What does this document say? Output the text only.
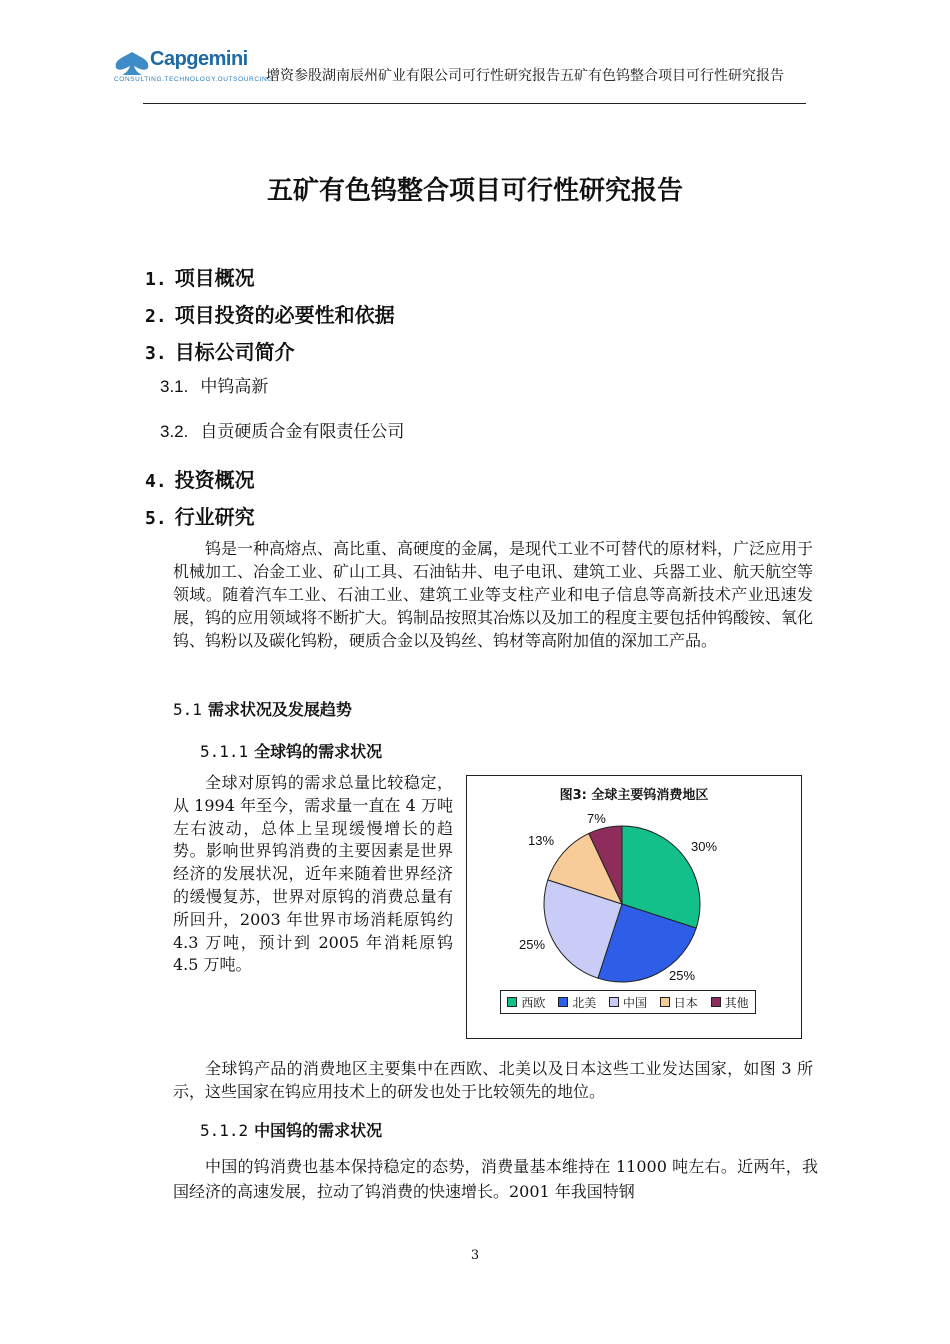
Capgemini
CONSULTING.TECHNOLOGY.OUTSOURCING
增资参股湖南辰州矿业有限公司可行性研究报告五矿有色钨整合项目可行性研究报告
五矿有色钨整合项目可行性研究报告
1. 项目概况
2. 项目投资的必要性和依据
3. 目标公司简介
3.1. 中钨高新
3.2. 自贡硬质合金有限责任公司
4. 投资概况
5. 行业研究
钨是一种高熔点、高比重、高硬度的金属，是现代工业不可替代的原材料，广泛应用于机械加工、冶金工业、矿山工具、石油钻井、电子电讯、建筑工业、兵器工业、航天航空等领域。随着汽车工业、石油工业、建筑工业等支柱产业和电子信息等高新技术产业迅速发展，钨的应用领域将不断扩大。钨制品按照其冶炼以及加工的程度主要包括仲钨酸铵、氧化钨、钨粉以及碳化钨粉，硬质合金以及钨丝、钨材等高附加值的深加工产品。
5.1 需求状况及发展趋势
5.1.1 全球钨的需求状况
全球对原钨的需求总量比较稳定，从 1994 年至今，需求量一直在 4 万吨左右波动，总体上呈现缓慢增长的趋势。影响世界钨消费的主要因素是世界经济的发展状况，近年来随着世界经济的缓慢复苏，世界对原钨的消费总量有所回升，2003 年世界市场消耗原钨约 4.3 万吨，预计到 2005 年消耗原钨 4.5 万吨。
图3: 全球主要钨消费地区
30%
25%
25%
13%
7%
西欧 北美 中国 日本 其他
全球钨产品的消费地区主要集中在西欧、北美以及日本这些工业发达国家，如图 3 所示，这些国家在钨应用技术上的研发也处于比较领先的地位。
5.1.2 中国钨的需求状况
中国的钨消费也基本保持稳定的态势，消费量基本维持在 11000 吨左右。近两年，我国经济的高速发展，拉动了钨消费的快速增长。2001 年我国特钢
3
